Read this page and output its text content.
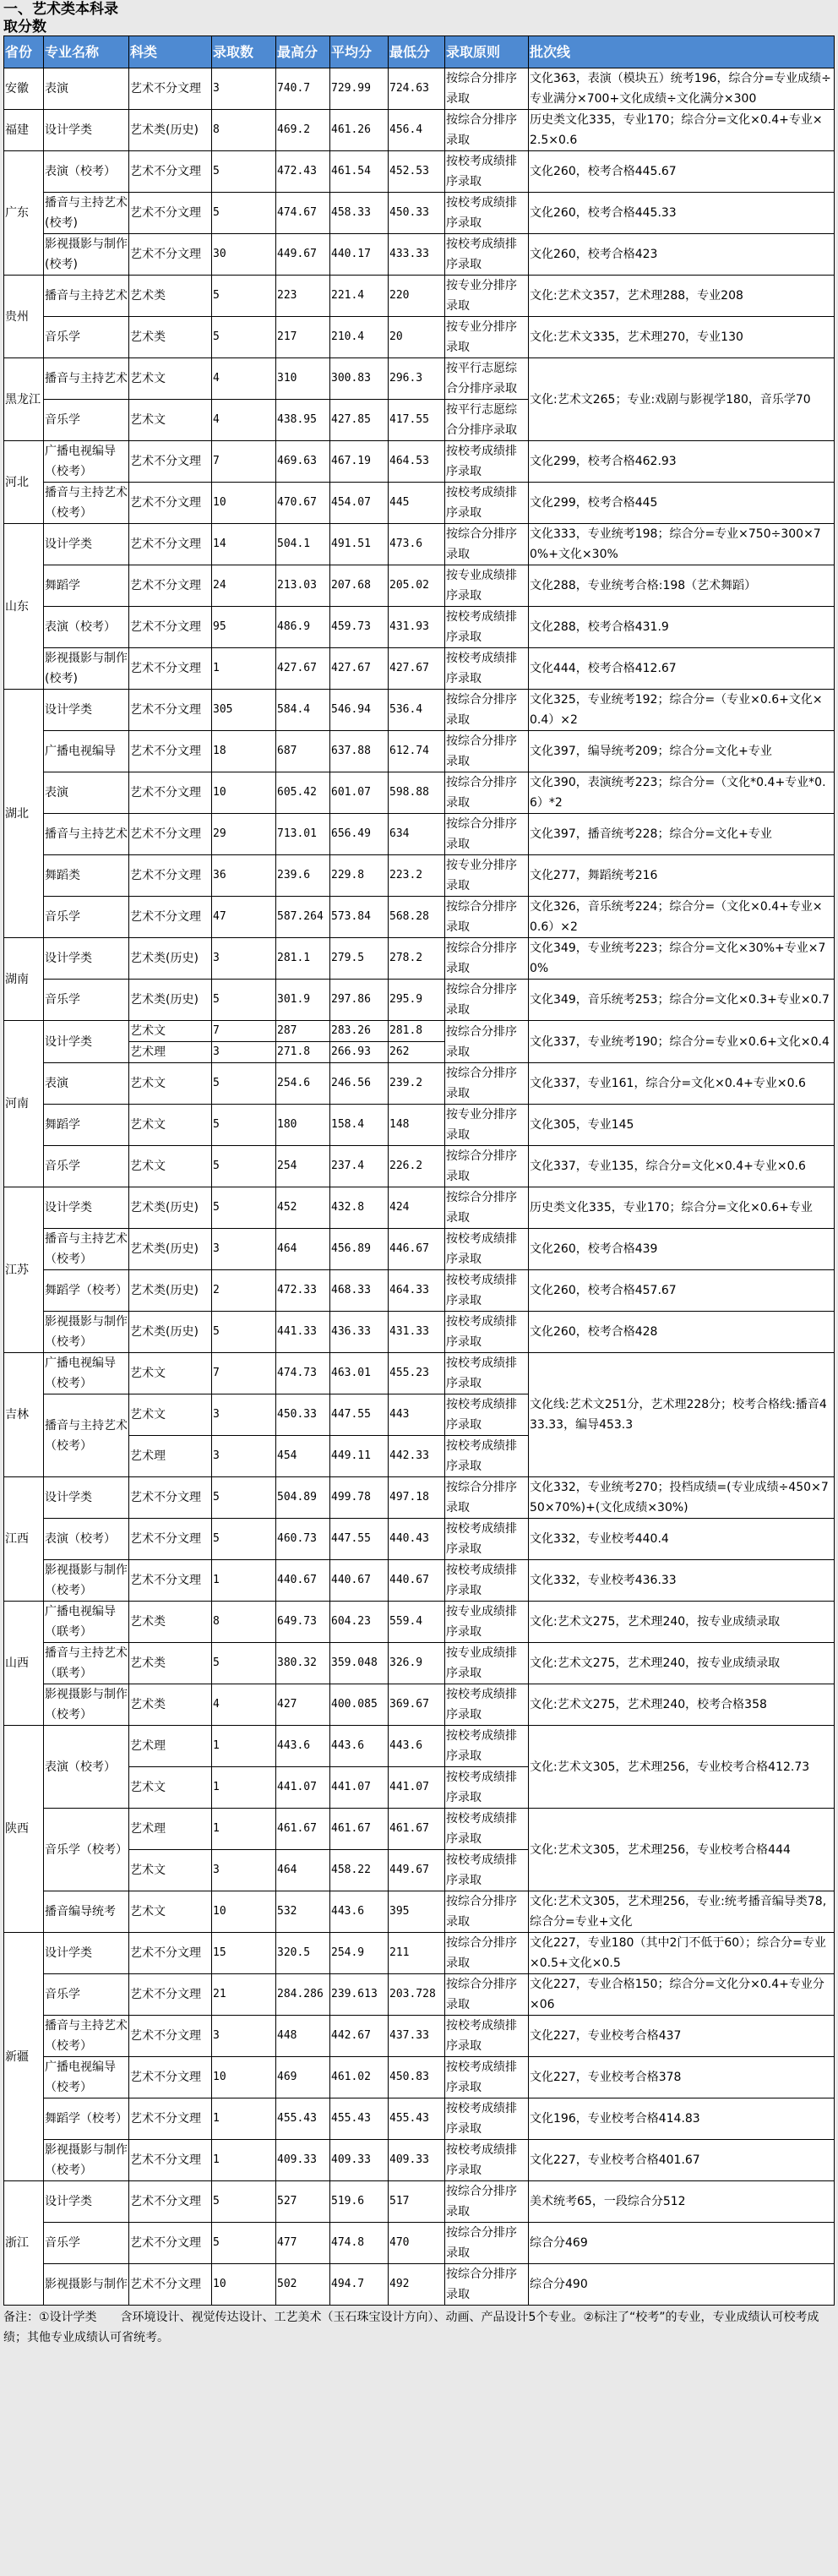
一、艺术类本科录
取分数
省份	专业名称	科类	录取数	最高分	平均分	最低分	录取原则	批次线
安徽	表演	艺术不分文理	3	740.7	729.99	724.63	按综合分排序录取	文化363，表演（模块五）统考196，综合分=专业成绩÷专业满分×700+文化成绩÷文化满分×300
福建	设计学类	艺术类(历史)	8	469.2	461.26	456.4	按综合分排序录取	历史类文化335，专业170；综合分=文化×0.4+专业×2.5×0.6
广东	表演（校考）	艺术不分文理	5	472.43	461.54	452.53	按校考成绩排序录取	文化260，校考合格445.67
	播音与主持艺术(校考)	艺术不分文理	5	474.67	458.33	450.33	按校考成绩排序录取	文化260，校考合格445.33
	影视摄影与制作(校考)	艺术不分文理	30	449.67	440.17	433.33	按校考成绩排序录取	文化260，校考合格423
贵州	播音与主持艺术	艺术类	5	223	221.4	220	按专业分排序录取	文化:艺术文357，艺术理288，专业208
	音乐学	艺术类	5	217	210.4	20	按专业分排序录取	文化:艺术文335，艺术理270，专业130
黑龙江	播音与主持艺术	艺术文	4	310	300.83	296.3	按平行志愿综合分排序录取	文化:艺术文265；专业:戏剧与影视学180，音乐学70
	音乐学	艺术文	4	438.95	427.85	417.55	按平行志愿综合分排序录取	
河北	广播电视编导（校考）	艺术不分文理	7	469.63	467.19	464.53	按校考成绩排序录取	文化299，校考合格462.93
	播音与主持艺术（校考）	艺术不分文理	10	470.67	454.07	445	按校考成绩排序录取	文化299，校考合格445
山东	设计学类	艺术不分文理	14	504.1	491.51	473.6	按综合分排序录取	文化333，专业统考198；综合分=专业×750÷300×70%+文化×30%
	舞蹈学	艺术不分文理	24	213.03	207.68	205.02	按专业成绩排序录取	文化288，专业统考合格:198（艺术舞蹈）
	表演（校考）	艺术不分文理	95	486.9	459.73	431.93	按校考成绩排序录取	文化288，校考合格431.9
	影视摄影与制作(校考)	艺术不分文理	1	427.67	427.67	427.67	按校考成绩排序录取	文化444，校考合格412.67
湖北	设计学类	艺术不分文理	305	584.4	546.94	536.4	按综合分排序录取	文化325，专业统考192；综合分=（专业×0.6+文化×0.4）×2
	广播电视编导	艺术不分文理	18	687	637.88	612.74	按综合分排序录取	文化397，编导统考209；综合分=文化+专业
	表演	艺术不分文理	10	605.42	601.07	598.88	按综合分排序录取	文化390，表演统考223；综合分=（文化*0.4+专业*0.6）*2
	播音与主持艺术	艺术不分文理	29	713.01	656.49	634	按综合分排序录取	文化397，播音统考228；综合分=文化+专业
	舞蹈类	艺术不分文理	36	239.6	229.8	223.2	按专业分排序录取	文化277，舞蹈统考216
	音乐学	艺术不分文理	47	587.264	573.84	568.28	按综合分排序录取	文化326，音乐统考224；综合分=（文化×0.4+专业×0.6）×2
湖南	设计学类	艺术类(历史)	3	281.1	279.5	278.2	按综合分排序录取	文化349，专业统考223；综合分=文化×30%+专业×70%
	音乐学	艺术类(历史)	5	301.9	297.86	295.9	按综合分排序录取	文化349，音乐统考253；综合分=文化×0.3+专业×0.7
河南	设计学类	艺术文	7	287	283.26	281.8	按综合分排序录取	文化337，专业统考190；综合分=专业×0.6+文化×0.4
		艺术理	3	271.8	266.93	262		
	表演	艺术文	5	254.6	246.56	239.2	按综合分排序录取	文化337，专业161，综合分=文化×0.4+专业×0.6
	舞蹈学	艺术文	5	180	158.4	148	按专业分排序录取	文化305，专业145
	音乐学	艺术文	5	254	237.4	226.2	按综合分排序录取	文化337，专业135，综合分=文化×0.4+专业×0.6
江苏	设计学类	艺术类(历史)	5	452	432.8	424	按综合分排序录取	历史类文化335，专业170；综合分=文化×0.6+专业
	播音与主持艺术（校考）	艺术类(历史)	3	464	456.89	446.67	按校考成绩排序录取	文化260，校考合格439
	舞蹈学（校考）	艺术类(历史)	2	472.33	468.33	464.33	按校考成绩排序录取	文化260，校考合格457.67
	影视摄影与制作（校考）	艺术类(历史)	5	441.33	436.33	431.33	按校考成绩排序录取	文化260，校考合格428
吉林	广播电视编导（校考）	艺术文	7	474.73	463.01	455.23	按校考成绩排序录取	文化线:艺术文251分，艺术理228分；校考合格线:播音433.33，编导453.3
	播音与主持艺术（校考）	艺术文	3	450.33	447.55	443	按校考成绩排序录取	
		艺术理	3	454	449.11	442.33	按校考成绩排序录取	
江西	设计学类	艺术不分文理	5	504.89	499.78	497.18	按综合分排序录取	文化332，专业统考270；投档成绩=(专业成绩÷450×750×70%)+(文化成绩×30%)
	表演（校考）	艺术不分文理	5	460.73	447.55	440.43	按校考成绩排序录取	文化332，专业校考440.4
	影视摄影与制作（校考）	艺术不分文理	1	440.67	440.67	440.67	按校考成绩排序录取	文化332，专业校考436.33
山西	广播电视编导（联考）	艺术类	8	649.73	604.23	559.4	按专业成绩排序录取	文化:艺术文275，艺术理240，按专业成绩录取
	播音与主持艺术（联考）	艺术类	5	380.32	359.048	326.9	按专业成绩排序录取	文化:艺术文275，艺术理240，按专业成绩录取
	影视摄影与制作（校考）	艺术类	4	427	400.085	369.67	按校考成绩排序录取	文化:艺术文275，艺术理240，校考合格358
陕西	表演（校考）	艺术理	1	443.6	443.6	443.6	按校考成绩排序录取	文化:艺术文305，艺术理256，专业校考合格412.73
		艺术文	1	441.07	441.07	441.07	按校考成绩排序录取	
	音乐学（校考）	艺术理	1	461.67	461.67	461.67	按校考成绩排序录取	文化:艺术文305，艺术理256，专业校考合格444
		艺术文	3	464	458.22	449.67	按校考成绩排序录取	
	播音编导统考	艺术文	10	532	443.6	395	按综合分排序录取	文化:艺术文305，艺术理256，专业:统考播音编导类78,综合分=专业+文化
新疆	设计学类	艺术不分文理	15	320.5	254.9	211	按综合分排序录取	文化227，专业180（其中2门不低于60）；综合分=专业×0.5+文化×0.5
	音乐学	艺术不分文理	21	284.286	239.613	203.728	按综合分排序录取	文化227，专业合格150；综合分=文化分×0.4+专业分×06
	播音与主持艺术（校考）	艺术不分文理	3	448	442.67	437.33	按校考成绩排序录取	文化227，专业校考合格437
	广播电视编导（校考）	艺术不分文理	10	469	461.02	450.83	按校考成绩排序录取	文化227，专业校考合格378
	舞蹈学（校考）	艺术不分文理	1	455.43	455.43	455.43	按校考成绩排序录取	文化196，专业校考合格414.83
	影视摄影与制作（校考）	艺术不分文理	1	409.33	409.33	409.33	按校考成绩排序录取	文化227，专业校考合格401.67
浙江	设计学类	艺术不分文理	5	527	519.6	517	按综合分排序录取	美术统考65，一段综合分512
	音乐学	艺术不分文理	5	477	474.8	470	按综合分排序录取	综合分469
	影视摄影与制作	艺术不分文理	10	502	494.7	492	按综合分排序录取	综合分490
备注：①设计学类　　含环境设计、视觉传达设计、工艺美术（玉石珠宝设计方向）、动画、产品设计5个专业。②标注了“校考”的专业，专业成绩认可校考成绩；其他专业成绩认可省统考。
